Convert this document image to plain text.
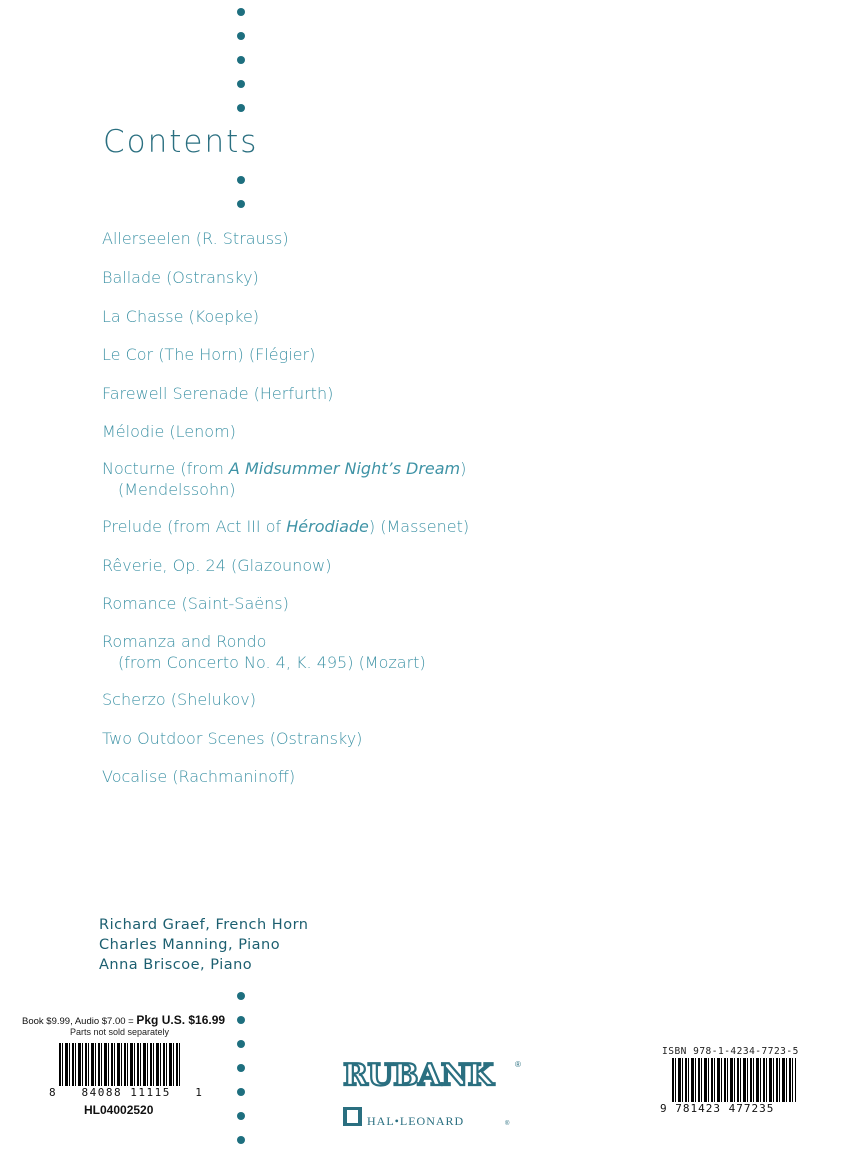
Contents
Allerseelen (R. Strauss)
Ballade (Ostransky)
La Chasse (Koepke)
Le Cor (The Horn) (Flégier)
Farewell Serenade (Herfurth)
Mélodie (Lenom)
Nocturne (from A Midsummer Night’s Dream)
(Mendelssohn)
Prelude (from Act III of Hérodiade) (Massenet)
Rêverie, Op. 24 (Glazounow)
Romance (Saint-Saëns)
Romanza and Rondo
(from Concerto No. 4, K. 495) (Mozart)
Scherzo (Shelukov)
Two Outdoor Scenes (Ostransky)
Vocalise (Rachmaninoff)
Richard Graef, French Horn
Charles Manning, Piano
Anna Briscoe, Piano
Book $9.99, Audio $7.00 = Pkg U.S. $16.99
Parts not sold separately
8   84088 11115   1
HL04002520
ISBN 978-1-4234-7723-5
9 781423 477235
RUBANK	®
HAL•LEONARD	®
